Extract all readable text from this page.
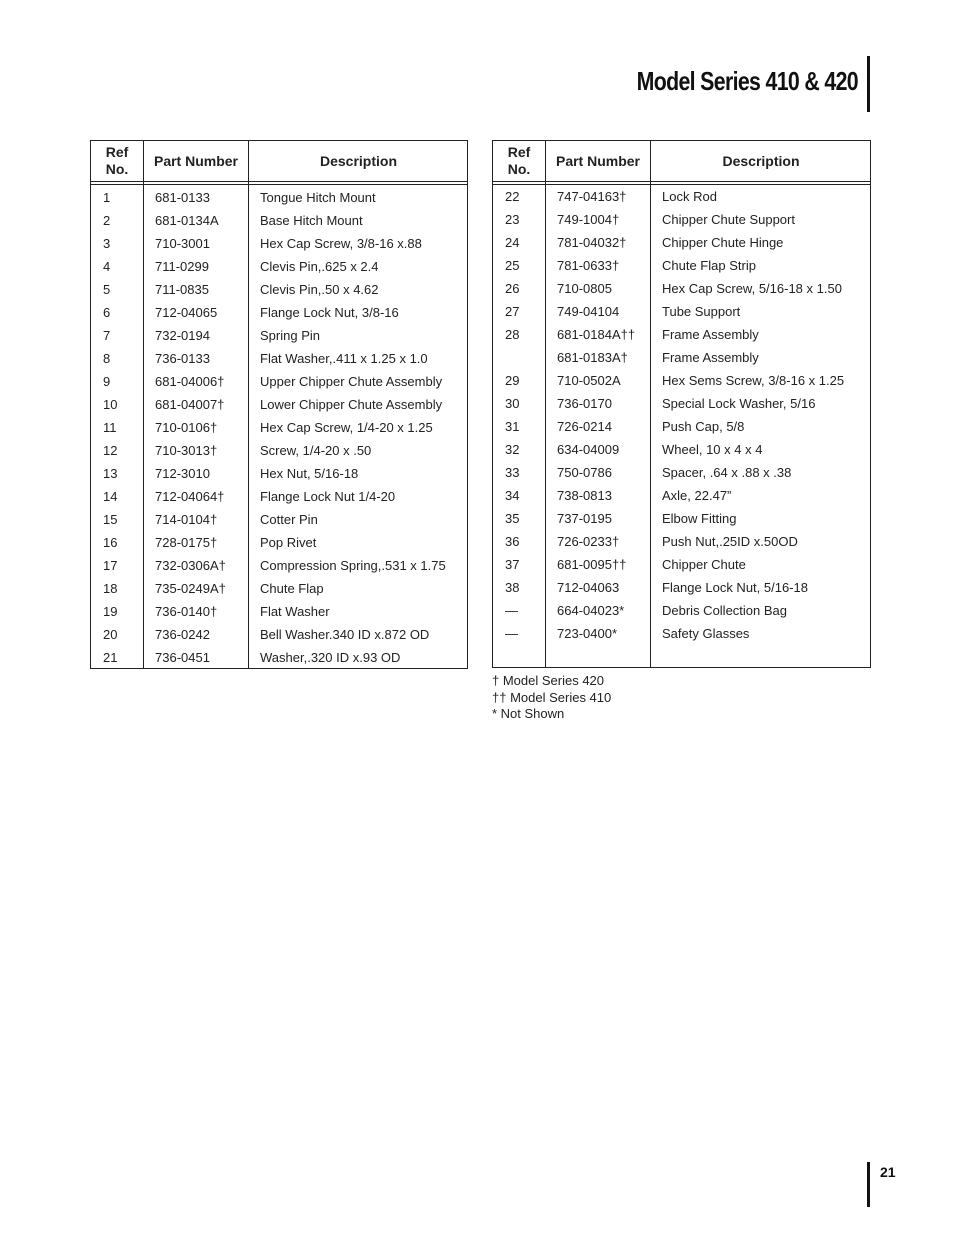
Model Series 410 & 420
Ref
No.
Part Number	Description
1	681-0133	Tongue Hitch Mount
2	681-0134A	Base Hitch Mount
3	710-3001	Hex Cap Screw, 3/8-16 x.88
4	711-0299	Clevis Pin,.625 x 2.4
5	711-0835	Clevis Pin,.50 x 4.62
6	712-04065	Flange Lock Nut, 3/8-16
7	732-0194	Spring Pin
8	736-0133	Flat Washer,.411 x 1.25 x 1.0
9	681-04006†	Upper Chipper Chute Assembly
10	681-04007†	Lower Chipper Chute Assembly
11	710-0106†	Hex Cap Screw, 1/4-20 x 1.25
12	710-3013†	Screw, 1/4-20 x .50
13	712-3010	Hex Nut, 5/16-18
14	712-04064†	Flange Lock Nut 1/4-20
15	714-0104†	Cotter Pin
16	728-0175†	Pop Rivet
17	732-0306A†	Compression Spring,.531 x 1.75
18	735-0249A†	Chute Flap
19	736-0140†	Flat Washer
20	736-0242	Bell Washer.340 ID x.872 OD
21	736-0451	Washer,.320 ID x.93 OD
Ref
No.
Part Number	Description
22	747-04163†	Lock Rod
23	749-1004†	Chipper Chute Support
24	781-04032†	Chipper Chute Hinge
25	781-0633†	Chute Flap Strip
26	710-0805	Hex Cap Screw, 5/16-18 x 1.50
27	749-04104	Tube Support
28	681-0184A†† Frame Assembly
681-0183A†	Frame Assembly
29	710-0502A	Hex Sems Screw, 3/8-16 x 1.25
30	736-0170	Special Lock Washer, 5/16
31	726-0214	Push Cap, 5/8
32	634-04009	Wheel, 10 x 4 x 4
33	750-0786	Spacer, .64 x .88 x .38
34	738-0813	Axle, 22.47”
35	737-0195	Elbow Fitting
36	726-0233†	Push Nut,.25ID x.50OD
37	681-0095††	Chipper Chute
38	712-04063	Flange Lock Nut, 5/16-18
—	664-04023*	Debris Collection Bag
—	723-0400*	Safety Glasses
† Model Series 420
†† Model Series 410
* Not Shown
21
